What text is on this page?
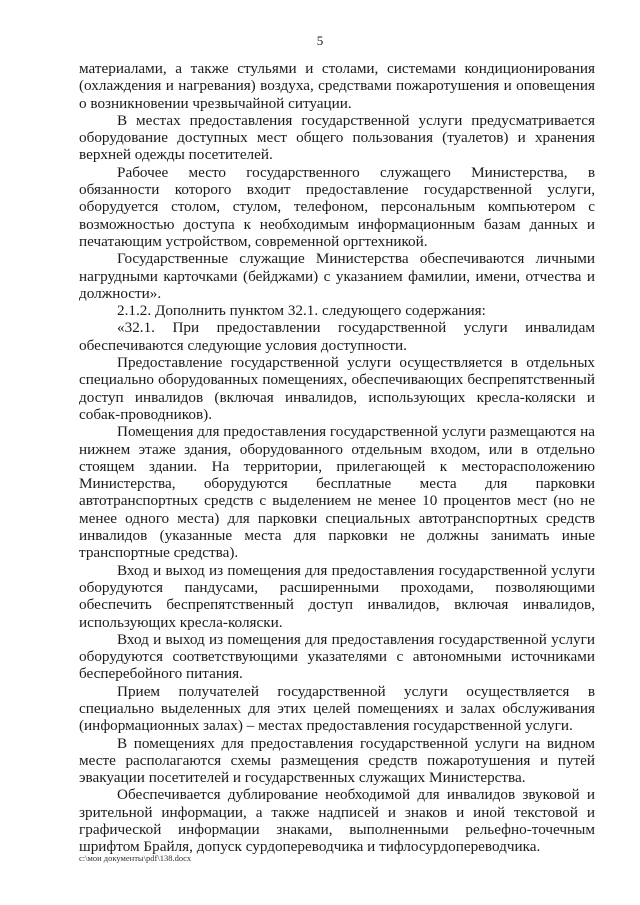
5

материалами, а также стульями и столами, системами кондиционирования (охлаждения и нагревания) воздуха, средствами пожаротушения и оповещения о возникновении чрезвычайной ситуации.

В местах предоставления государственной услуги предусматривается оборудование доступных мест общего пользования (туалетов) и хранения верхней одежды посетителей.

Рабочее место государственного служащего Министерства, в обязанности которого входит предоставление государственной услуги, оборудуется столом, стулом, телефоном, персональным компьютером с возможностью доступа к необходимым информационным базам данных и печатающим устройством, современной оргтехникой.

Государственные служащие Министерства обеспечиваются личными нагрудными карточками (бейджами) с указанием фамилии, имени, отчества и должности».

2.1.2. Дополнить пунктом 32.1. следующего содержания:

«32.1. При предоставлении государственной услуги инвалидам обеспечиваются следующие условия доступности.

Предоставление государственной услуги осуществляется в отдельных специально оборудованных помещениях, обеспечивающих беспрепятственный доступ инвалидов (включая инвалидов, использующих кресла-коляски и собак-проводников).

Помещения для предоставления государственной услуги размещаются на нижнем этаже здания, оборудованного отдельным входом, или в отдельно стоящем здании. На территории, прилегающей к месторасположению Министерства, оборудуются бесплатные места для парковки автотранспортных средств с выделением не менее 10 процентов мест (но не менее одного места) для парковки специальных автотранспортных средств инвалидов (указанные места для парковки не должны занимать иные транспортные средства).

Вход и выход из помещения для предоставления государственной услуги оборудуются пандусами, расширенными проходами, позволяющими обеспечить беспрепятственный доступ инвалидов, включая инвалидов, использующих кресла-коляски.

Вход и выход из помещения для предоставления государственной услуги оборудуются соответствующими указателями с автономными источниками бесперебойного питания.

Прием получателей государственной услуги осуществляется в специально выделенных для этих целей помещениях и залах обслуживания (информационных залах) – местах предоставления государственной услуги.

В помещениях для предоставления государственной услуги на видном месте располагаются схемы размещения средств пожаротушения и путей эвакуации посетителей и государственных служащих Министерства.

Обеспечивается дублирование необходимой для инвалидов звуковой и зрительной информации, а также надписей и знаков и иной текстовой и графической информации знаками, выполненными рельефно-точечным шрифтом Брайля, допуск сурдопереводчика и тифлосурдопереводчика.

c:\мои документы\pdf\138.docx
